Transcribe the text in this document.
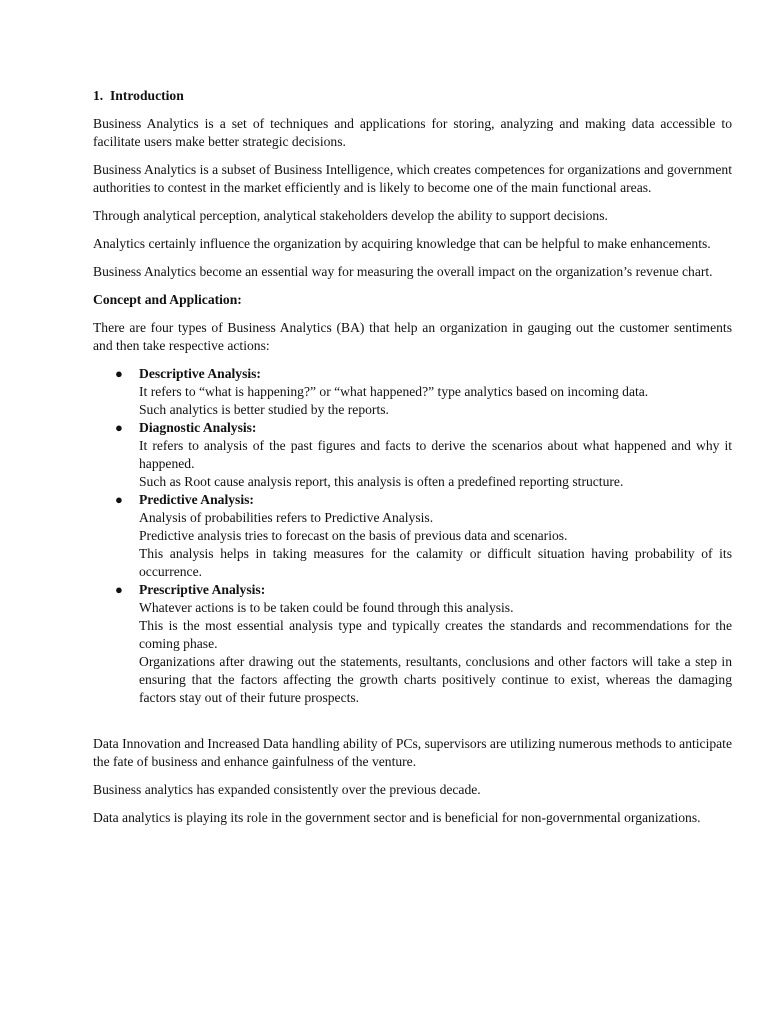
1. Introduction

Business Analytics is a set of techniques and applications for storing, analyzing and making data accessible to facilitate users make better strategic decisions.

Business Analytics is a subset of Business Intelligence, which creates competences for organizations and government authorities to contest in the market efficiently and is likely to become one of the main functional areas.

Through analytical perception, analytical stakeholders develop the ability to support decisions.

Analytics certainly influence the organization by acquiring knowledge that can be helpful to make enhancements.

Business Analytics become an essential way for measuring the overall impact on the organization’s revenue chart.

Concept and Application:

There are four types of Business Analytics (BA) that help an organization in gauging out the customer sentiments and then take respective actions:

● Descriptive Analysis:

It refers to “what is happening?” or “what happened?” type analytics based on incoming data.

Such analytics is better studied by the reports.

● Diagnostic Analysis:

It refers to analysis of the past figures and facts to derive the scenarios about what happened and why it happened.

Such as Root cause analysis report, this analysis is often a predefined reporting structure.

● Predictive Analysis:

Analysis of probabilities refers to Predictive Analysis.

Predictive analysis tries to forecast on the basis of previous data and scenarios.

This analysis helps in taking measures for the calamity or difficult situation having probability of its occurrence.

● Prescriptive Analysis:

Whatever actions is to be taken could be found through this analysis.

This is the most essential analysis type and typically creates the standards and recommendations for the coming phase.

Organizations after drawing out the statements, resultants, conclusions and other factors will take a step in ensuring that the factors affecting the growth charts positively continue to exist, whereas the damaging factors stay out of their future prospects.

Data Innovation and Increased Data handling ability of PCs, supervisors are utilizing numerous methods to anticipate the fate of business and enhance gainfulness of the venture.

Business analytics has expanded consistently over the previous decade.

Data analytics is playing its role in the government sector and is beneficial for non-governmental organizations.
